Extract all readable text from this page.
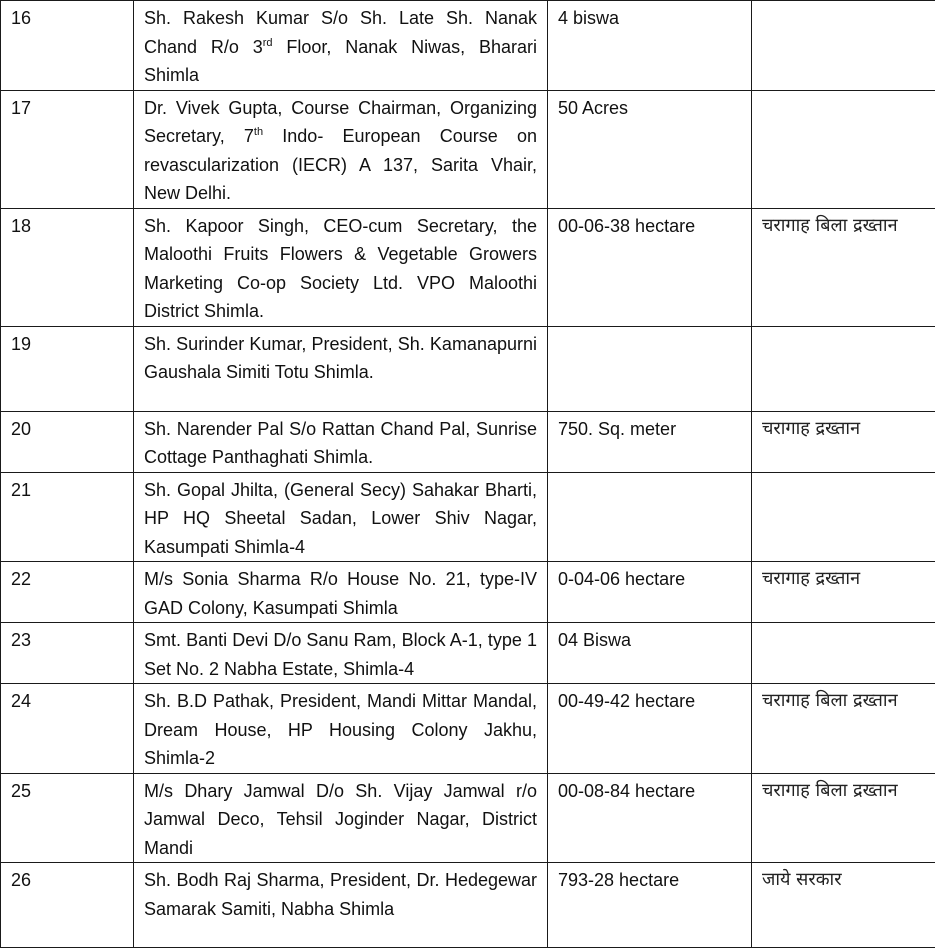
16	Sh. Rakesh Kumar S/o Sh. Late Sh. Nanak Chand R/o 3rd Floor, Nanak Niwas, Bharari Shimla	4 biswa	
17	Dr. Vivek Gupta, Course Chairman, Organizing Secretary, 7th Indo- European Course on revascularization (IECR) A 137, Sarita Vhair, New Delhi.	50 Acres	
18	Sh. Kapoor Singh, CEO-cum Secretary, the Maloothi Fruits Flowers & Vegetable Growers Marketing Co-op Society Ltd. VPO Maloothi District Shimla.	00-06-38 hectare	चरागाह बिला द्रख्तान
19	Sh. Surinder Kumar, President, Sh. Kamanapurni Gaushala Simiti Totu Shimla.		
20	Sh. Narender Pal S/o Rattan Chand Pal, Sunrise Cottage Panthaghati Shimla.	750. Sq. meter	चरागाह द्रख्तान
21	Sh. Gopal Jhilta, (General Secy) Sahakar Bharti, HP HQ Sheetal Sadan, Lower Shiv Nagar, Kasumpati Shimla-4		
22	M/s Sonia Sharma R/o House No. 21, type-IV GAD Colony, Kasumpati Shimla	0-04-06 hectare	चरागाह द्रख्तान
23	Smt. Banti Devi D/o Sanu Ram, Block A-1, type 1 Set No. 2 Nabha Estate, Shimla-4	04 Biswa	
24	Sh. B.D Pathak, President, Mandi Mittar Mandal, Dream House, HP Housing Colony Jakhu, Shimla-2	00-49-42 hectare	चरागाह बिला द्रख्तान
25	M/s Dhary Jamwal D/o Sh. Vijay Jamwal r/o Jamwal Deco, Tehsil Joginder Nagar, District Mandi	00-08-84 hectare	चरागाह बिला द्रख्तान
26	Sh. Bodh Raj Sharma, President, Dr. Hedegewar Samarak Samiti, Nabha Shimla	793-28 hectare	जाये सरकार
